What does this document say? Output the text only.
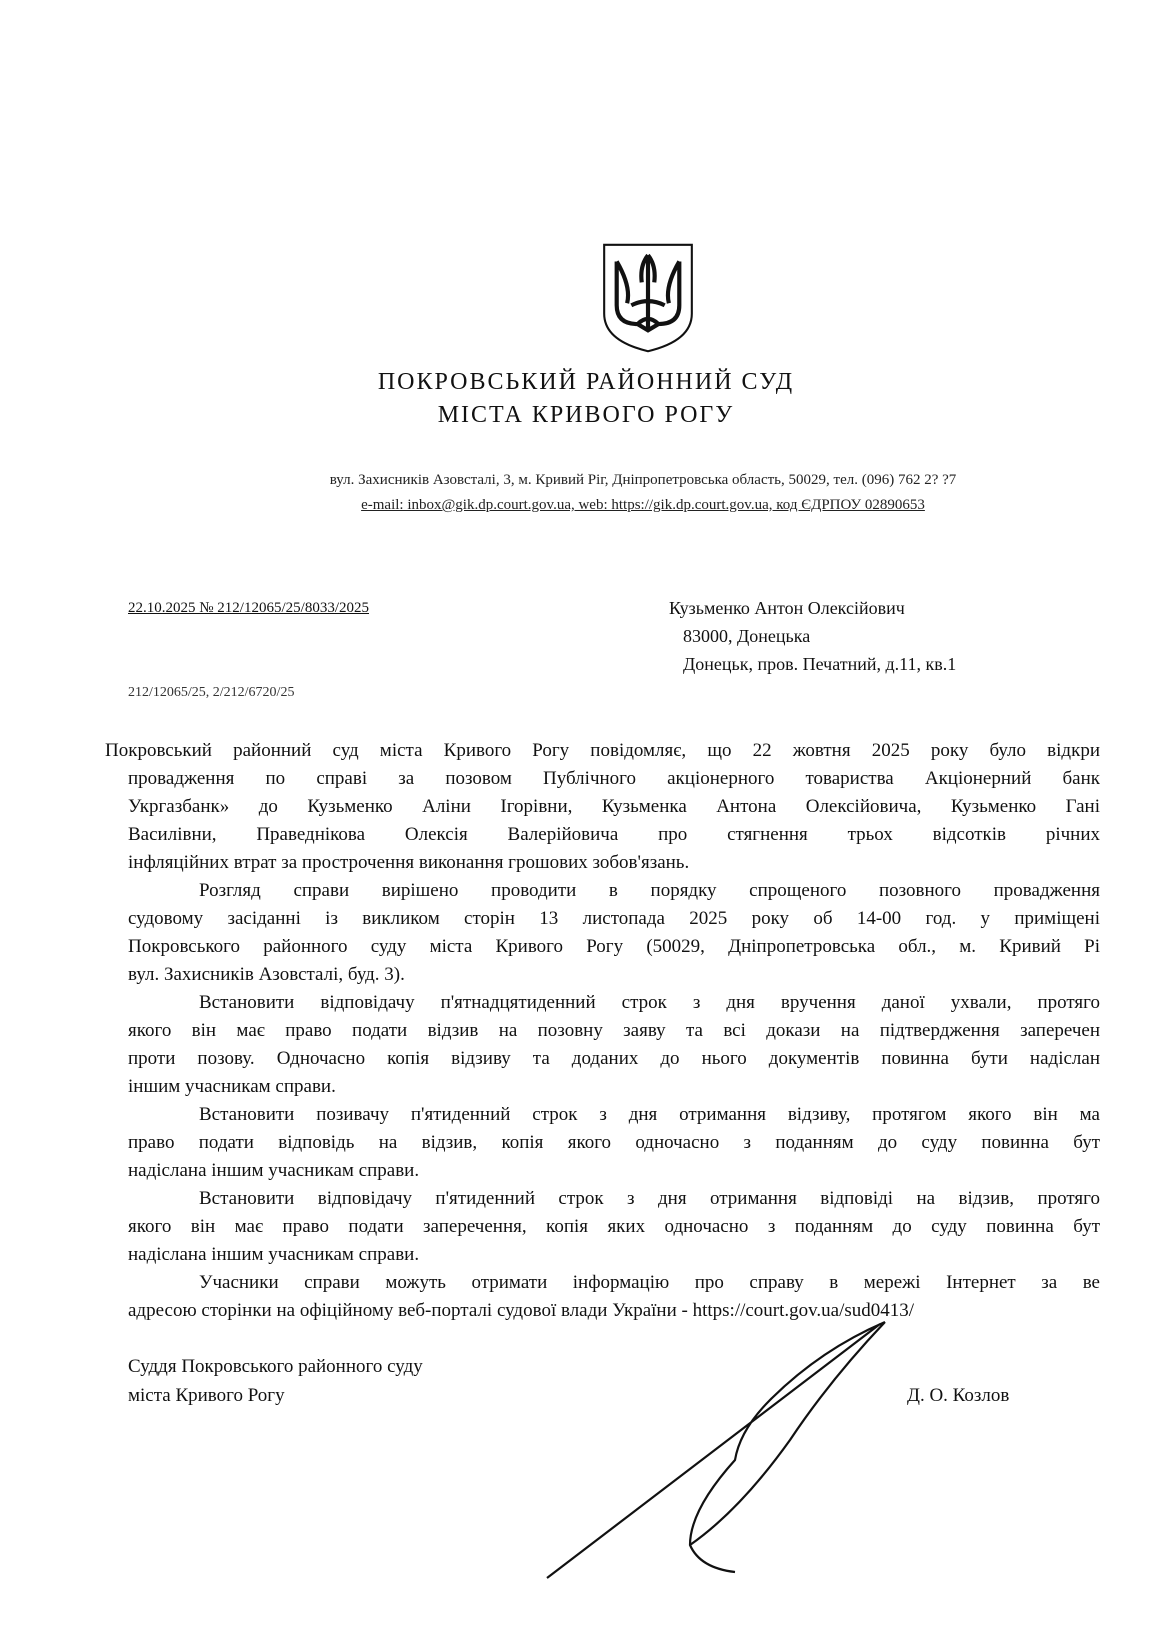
ПОКРОВСЬКИЙ РАЙОННИЙ СУД
МІСТА КРИВОГО РОГУ
вул. Захисників Азовсталі, 3, м. Кривий Ріг, Дніпропетровська область, 50029, тел. (096) 762 2? ?7
e-mail: inbox@gik.dp.court.gov.ua, web: https://gik.dp.court.gov.ua, код ЄДРПОУ 02890653
22.10.2025 № 212/12065/25/8033/2025
212/12065/25, 2/212/6720/25
Кузьменко Антон Олексійович
83000, Донецька
Донецьк, пров. Печатний, д.11, кв.1
Покровський районний суд міста Кривого Рогу повідомляє, що 22 жовтня 2025 року було відкри
провадження по справі за позовом Публічного акціонерного товариства Акціонерний банк
Укргазбанк» до Кузьменко Аліни Ігорівни, Кузьменка Антона Олексійовича, Кузьменко Гані
Василівни, Праведнікова Олексія Валерійовича про стягнення трьох відсотків річних
інфляційних втрат за прострочення виконання грошових зобов'язань.
Розгляд справи вирішено проводити в порядку спрощеного позовного провадження
судовому засіданні із викликом сторін 13 листопада 2025 року об 14-00 год. у приміщені
Покровського районного суду міста Кривого Рогу (50029, Дніпропетровська обл., м. Кривий Рі
вул. Захисників Азовсталі, буд. 3).
Встановити відповідачу п'ятнадцятиденний строк з дня вручення даної ухвали, протяго
якого він має право подати відзив на позовну заяву та всі докази на підтвердження заперечен
проти позову. Одночасно копія відзиву та доданих до нього документів повинна бути надіслан
іншим учасникам справи.
Встановити позивачу п'ятиденний строк з дня отримання відзиву, протягом якого він ма
право подати відповідь на відзив, копія якого одночасно з поданням до суду повинна бут
надіслана іншим учасникам справи.
Встановити відповідачу п'ятиденний строк з дня отримання відповіді на відзив, протяго
якого він має право подати заперечення, копія яких одночасно з поданням до суду повинна бут
надіслана іншим учасникам справи.
Учасники справи можуть отримати інформацію про справу в мережі Інтернет за ве
адресою сторінки на офіційному веб-порталі судової влади України - https://court.gov.ua/sud0413/
Суддя Покровського районного суду
міста Кривого Рогу	Д. О. Козлов
